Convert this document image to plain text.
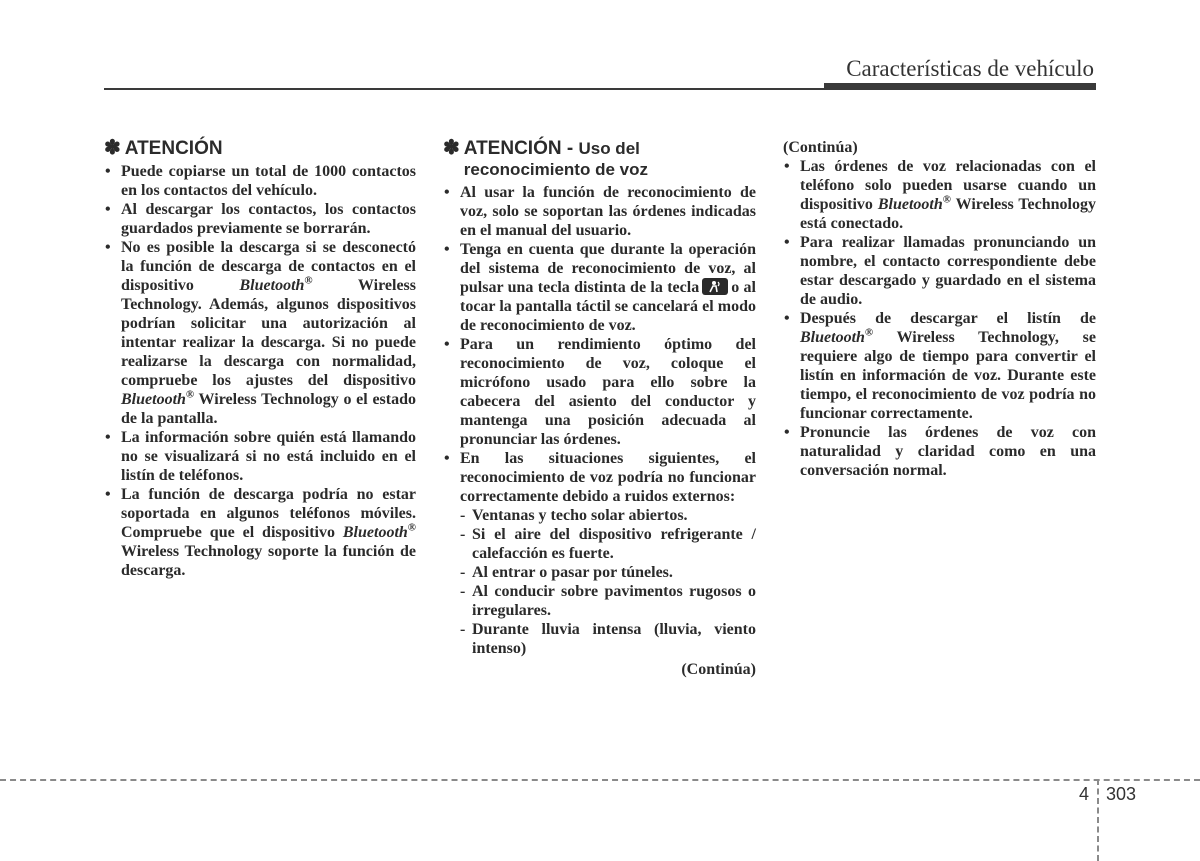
Características de vehículo
✽ ATENCIÓN
• Puede copiarse un total de 1000 contactos en los contactos del vehículo.
• Al descargar los contactos, los contactos guardados previamente se borrarán.
• No es posible la descarga si se desconectó la función de descarga de contactos en el dispositivo Bluetooth® Wireless Technology. Además, algunos dispositivos podrían solicitar una autorización al intentar realizar la descarga. Si no puede realizarse la descarga con normalidad, compruebe los ajustes del dispositivo Bluetooth® Wireless Technology o el estado de la pantalla.
• La información sobre quién está llamando no se visualizará si no está incluido en el listín de teléfonos.
• La función de descarga podría no estar soportada en algunos teléfonos móviles. Compruebe que el dispositivo Bluetooth® Wireless Technology soporte la función de descarga.
✽ ATENCIÓN - Uso del
reconocimiento de voz
• Al usar la función de reconocimiento de voz, solo se soportan las órdenes indicadas en el manual del usuario.
• Tenga en cuenta que durante la operación del sistema de reconocimiento de voz, al pulsar una tecla distinta de la tecla o al tocar la pantalla táctil se cancelará el modo de reconocimiento de voz.
• Para un rendimiento óptimo del reconocimiento de voz, coloque el micrófono usado para ello sobre la cabecera del asiento del conductor y mantenga una posición adecuada al pronunciar las órdenes.
• En las situaciones siguientes, el reconocimiento de voz podría no funcionar correctamente debido a ruidos externos:
- Ventanas y techo solar abiertos.
- Si el aire del dispositivo refrigerante / calefacción es fuerte.
- Al entrar o pasar por túneles.
- Al conducir sobre pavimentos rugosos o irregulares.
- Durante lluvia intensa (lluvia, viento intenso)
(Continúa)
(Continúa)
• Las órdenes de voz relacionadas con el teléfono solo pueden usarse cuando un dispositivo Bluetooth® Wireless Technology está conectado.
• Para realizar llamadas pronunciando un nombre, el contacto correspondiente debe estar descargado y guardado en el sistema de audio.
• Después de descargar el listín de Bluetooth® Wireless Technology, se requiere algo de tiempo para convertir el listín en información de voz. Durante este tiempo, el reconocimiento de voz podría no funcionar correctamente.
• Pronuncie las órdenes de voz con naturalidad y claridad como en una conversación normal.
4 303
